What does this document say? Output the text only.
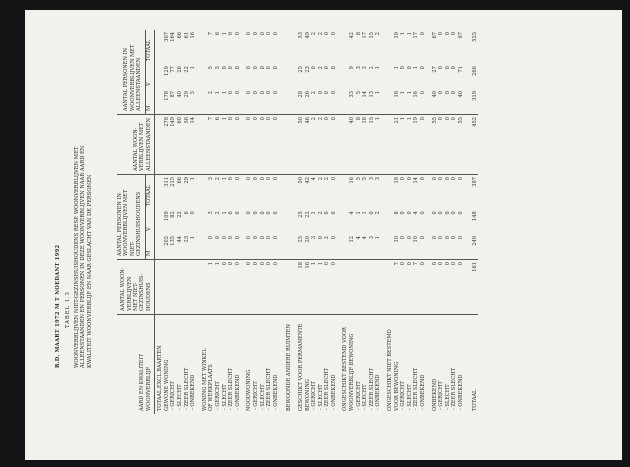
B.D. MAART 1972 M T NOEDANT 1992 TABEL 1.3 WOONVERBLIJVEN NIET-GEZINSHUISHOUDENS RESP. WOONVERBLIJVEN MET ALLEENSTAANDEN EN PERSONEN IN DEZE WOONVERBLIJVEN NAAR AARD EN KWALITEIT WOONVERBLIJF EN NAAR GESLACHT VAN DE PERSONEN
AARD EN KWALITEIT WOONVERBLIJF	AANTAL WOON- VERBLIJVEN MET NIET-GEZINSHUIS- HOUDENS	AANTAL PERSONEN IN WOONVERBLIJVEN MET NIET-GEZINSHUISHOUDENS			AANTAL WOON- VERBLIJVEN MET ALLEENSTAANDEN	AANTAL PERSONEN IN WOONVERBLIJVEN MET ALLEENSTAANDEN		
		M	V	TOTAAL		M	V	TOTAAL
TOTAAL,EXCL.BAARTEN								
GEWONE WONING		202	109	311	278	178	129	307
- GERICHT		135	82	215	149	87	77	164
- SLECHT		44	22	66	60	40	26	66
- ZEER SLECHT		23	6	29	56	29	22	61
- ONBEKEND		1	0	1	14	5	1	16

WONING MET WINKEL								
OF WERKPLAATS	1	0	3	3	7	2	5	7
- GERICHT	1	0	2	2	6	1	5	6
- SLECHT	0	0	1	1	1	1	0	1
- ZEER SLECHT	0	0	0	0	0	0	0	0
- ONBEKEND	0	0	0	0	0	0	0	0

NOODWONING	0	0	0	0	0	0	0	0
- GERICHT	0	0	0	0	0	0	0	0
- SLECHT	0	0	0	0	0	0	0	0
- ZEER SLECHT	0	0	0	0	0	0	0	0
- ONBEKEND	0	0	0	0	0	0	0	0

BEWOONDE ANDERE RUIMTEN								

GESCHIKT VOOR PERMANENTE	18	25	25	50	50	28	25	53
BEWONING	16	20	22	42	46	26	23	49
- GERICHT	1	3	1	4	2	2	0	2
- SLECHT	1	0	2	2	2	0	2	2
- ZEER SLECHT	0	2	0	2	0	0	0	0
- ONBEKEND	0	0	0	0	0	0	0	0

ONGESCHIKT BESTEMD VOOR								
WOONVERBLIJF BEWONING		12	4	16	40	33	9	42
- GERICHT		4	1	5	8	5	3	8
- SLECHT		4	1	5	16	14	3	17
- ZEER SLECHT		3	0	3	15	13	2	15
- ONBEKEND		1	2	3	1	1	1	2

ONGESCHIKT NIET BESTEMD								
VOOR BEWONING	7	10	8	18	21	18	1	19
- GERICHT	0	0	0	0	1	1	0	1
- SLECHT	0	0	0	0	1	1	0	1
- ZEER SLECHT	7	10	4	14	19	16	1	17
- ONBEKEND	0	0	0	0	0	0	0	0

ONBEKEND	0	0	0	0	55	40	27	67
- GERICHT	0	0	0	0	0	0	0	0
- SLECHT	0	0	0	0	0	0	0	0
- ZEER SLECHT	0	0	0	0	0	0	0	0
- ONBEKEND	0	0	0	0	55	40	71	97

TOTAAL	161	249	148	397	452	319	266	525
